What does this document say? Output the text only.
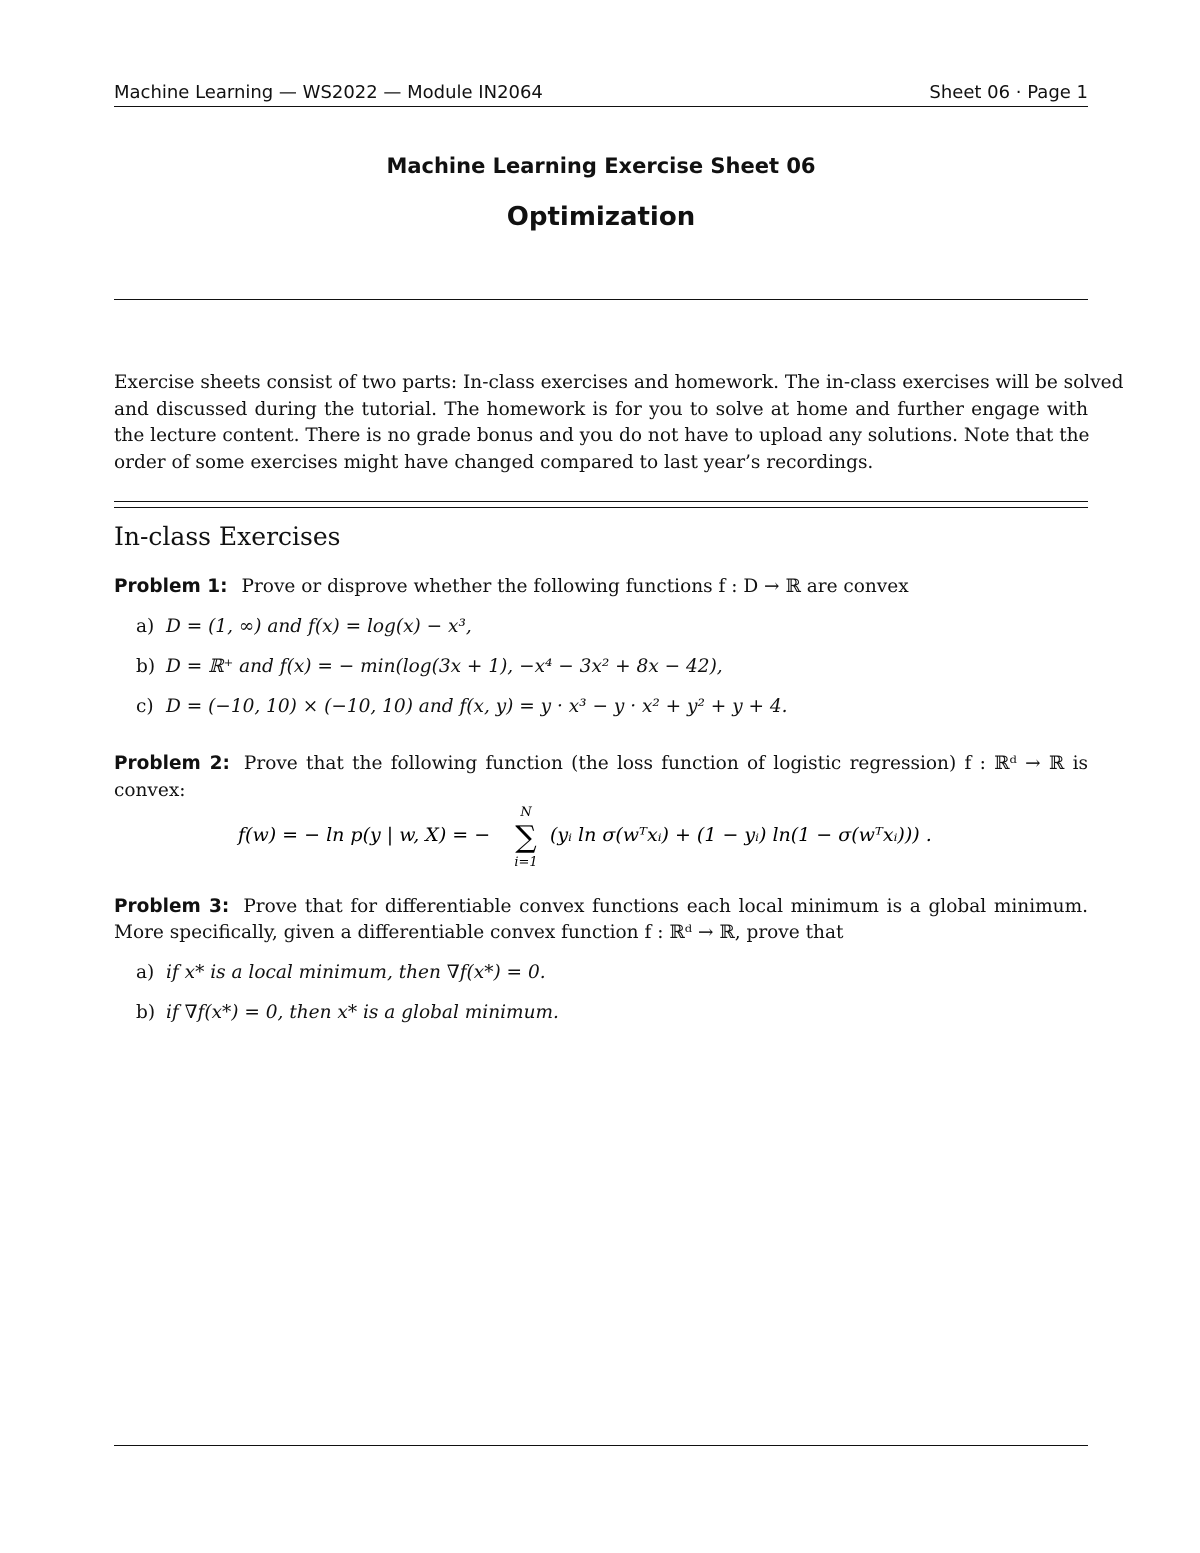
Machine Learning — WS2022 — Module IN2064	Sheet 06 · Page 1
Machine Learning Exercise Sheet 06
Optimization
Exercise sheets consist of two parts: In-class exercises and homework. The in-class exercises will be solved
and discussed during the tutorial. The homework is for you to solve at home and further engage with
the lecture content. There is no grade bonus and you do not have to upload any solutions. Note that the
order of some exercises might have changed compared to last year’s recordings.
In-class Exercises
Problem 1: Prove or disprove whether the following functions f : D → ℝ are convex
a) D = (1, ∞) and f(x) = log(x) − x³,
b) D = ℝ⁺ and f(x) = − min(log(3x + 1), −x⁴ − 3x² + 8x − 42),
c) D = (−10, 10) × (−10, 10) and f(x, y) = y · x³ − y · x² + y² + y + 4.
Problem 2: Prove that the following function (the loss function of logistic regression) f : ℝᵈ → ℝ is
convex:
f(w) = − ln p(y | w, X) = −
N
∑
i=1
(yᵢ ln σ(wᵀxᵢ) + (1 − yᵢ) ln(1 − σ(wᵀxᵢ))) .
Problem 3: Prove that for differentiable convex functions each local minimum is a global minimum.
More specifically, given a differentiable convex function f : ℝᵈ → ℝ, prove that
a) if x* is a local minimum, then ∇f(x*) = 0.
b) if ∇f(x*) = 0, then x* is a global minimum.
